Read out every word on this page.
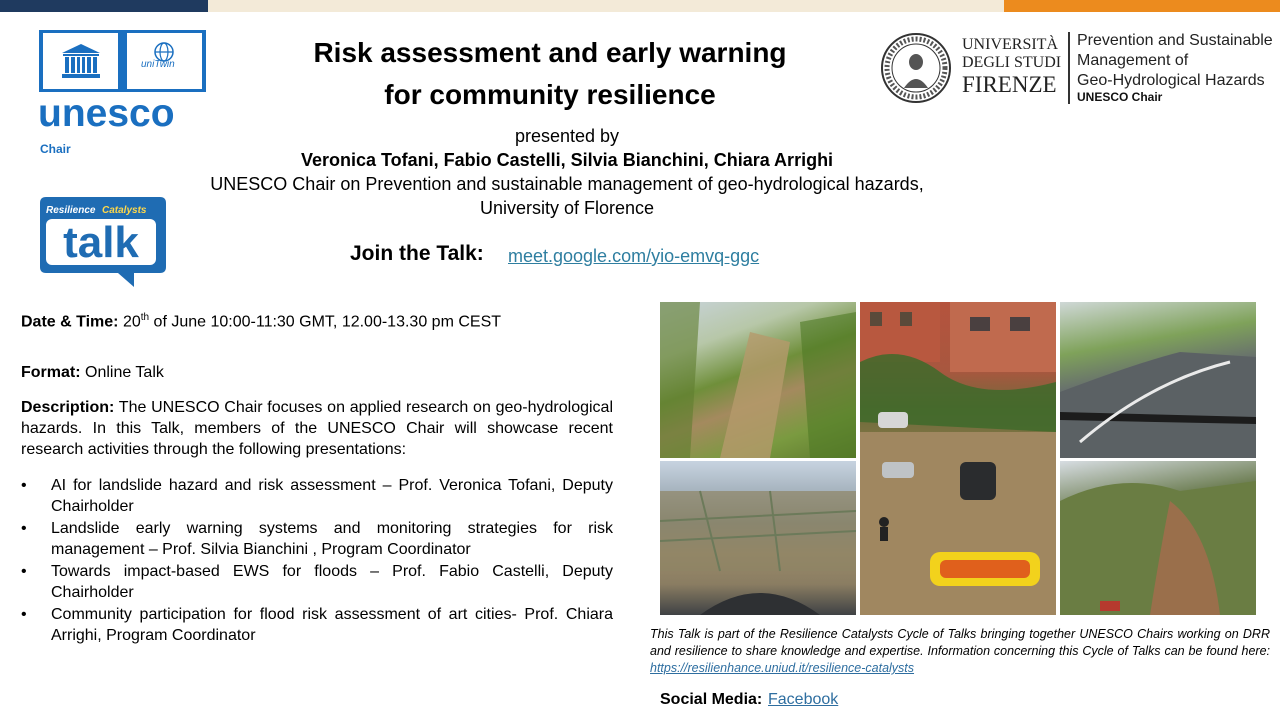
uniTwin
unesco
Chair
Resilience Catalysts
talk
Risk assessment and early warning
for community resilience
presented by
Veronica Tofani, Fabio Castelli, Silvia Bianchini, Chiara Arrighi
UNESCO Chair on Prevention and sustainable management of geo-hydrological hazards,
University of Florence
Join the Talk: meet.google.com/yio-emvq-ggc
UNIVERSITÀ
DEGLI STUDI
FIRENZE
Prevention and Sustainable
Management of
Geo-Hydrological Hazards
UNESCO Chair
Date & Time: 20th of June 10:00-11:30 GMT, 12.00-13.30 pm CEST
Format: Online Talk
Description: The UNESCO Chair focuses on applied research on geo-hydrological hazards. In this Talk, members of the UNESCO Chair will showcase recent research activities through the following presentations:
• AI for landslide hazard and risk assessment – Prof. Veronica Tofani, Deputy Chairholder
• Landslide early warning systems and monitoring strategies for risk management – Prof. Silvia Bianchini , Program Coordinator
• Towards impact-based EWS for floods – Prof. Fabio Castelli, Deputy Chairholder
• Community participation for flood risk assessment of art cities- Prof. Chiara Arrighi, Program Coordinator	This Talk is part of the Resilience Catalysts Cycle of Talks bringing together UNESCO Chairs working on DRR and resilience to share knowledge and expertise. Information concerning this Cycle of Talks can be found here: https://resilienhance.uniud.it/resilience-catalysts
Social Media: Facebook
